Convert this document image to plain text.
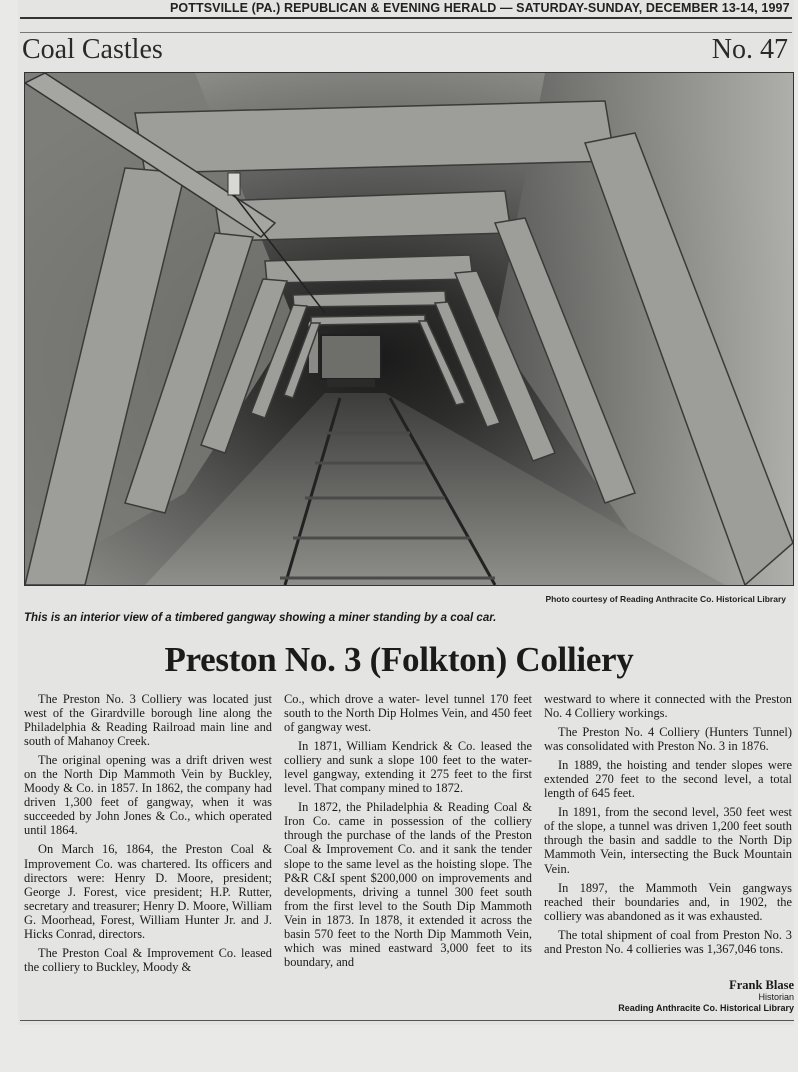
POTTSVILLE (PA.) REPUBLICAN & EVENING HERALD — SATURDAY-SUNDAY, DECEMBER 13-14, 1997
Coal Castles	No. 47
Photo courtesy of Reading Anthracite Co. Historical Library
This is an interior view of a timbered gangway showing a miner standing by a coal car.
Preston No. 3 (Folkton) Colliery

The Preston No. 3 Colliery was located just west of the Girardville borough line along the Philadelphia & Reading Railroad main line and south of Mahanoy Creek.

The original opening was a drift driven west on the North Dip Mammoth Vein by Buckley, Moody & Co. in 1857. In 1862, the company had driven 1,300 feet of gangway, when it was succeeded by John Jones & Co., which operated until 1864.

On March 16, 1864, the Preston Coal & Improvement Co. was chartered. Its officers and directors were: Henry D. Moore, president; George J. Forest, vice president; H.P. Rutter, secretary and treasurer; Henry D. Moore, William G. Moorhead, Forest, William Hunter Jr. and J. Hicks Conrad, directors.

The Preston Coal & Improvement Co. leased the colliery to Buckley, Moody &

Co., which drove a water- level tunnel 170 feet south to the North Dip Holmes Vein, and 450 feet of gangway west.

In 1871, William Kendrick & Co. leased the colliery and sunk a slope 100 feet to the water-level gangway, extending it 275 feet to the first level. That company mined to 1872.

In 1872, the Philadelphia & Reading Coal & Iron Co. came in possession of the colliery through the purchase of the lands of the Preston Coal & Improvement Co. and it sank the tender slope to the same level as the hoisting slope. The P&R C&I spent $200,000 on improvements and developments, driving a tunnel 300 feet south from the first level to the South Dip Mammoth Vein in 1873. In 1878, it extended it across the basin 570 feet to the North Dip Mammoth Vein, which was mined eastward 3,000 feet to its boundary, and

westward to where it connected with the Preston No. 4 Colliery workings.

The Preston No. 4 Colliery (Hunters Tunnel) was consolidated with Preston No. 3 in 1876.

In 1889, the hoisting and tender slopes were extended 270 feet to the second level, a total length of 645 feet.

In 1891, from the second level, 350 feet west of the slope, a tunnel was driven 1,200 feet south through the basin and saddle to the North Dip Mammoth Vein, intersecting the Buck Mountain Vein.

In 1897, the Mammoth Vein gangways reached their boundaries and, in 1902, the colliery was abandoned as it was exhausted.

The total shipment of coal from Preston No. 3 and Preston No. 4 collieries was 1,367,046 tons.

Frank Blase
Historian
Reading Anthracite Co. Historical Library
